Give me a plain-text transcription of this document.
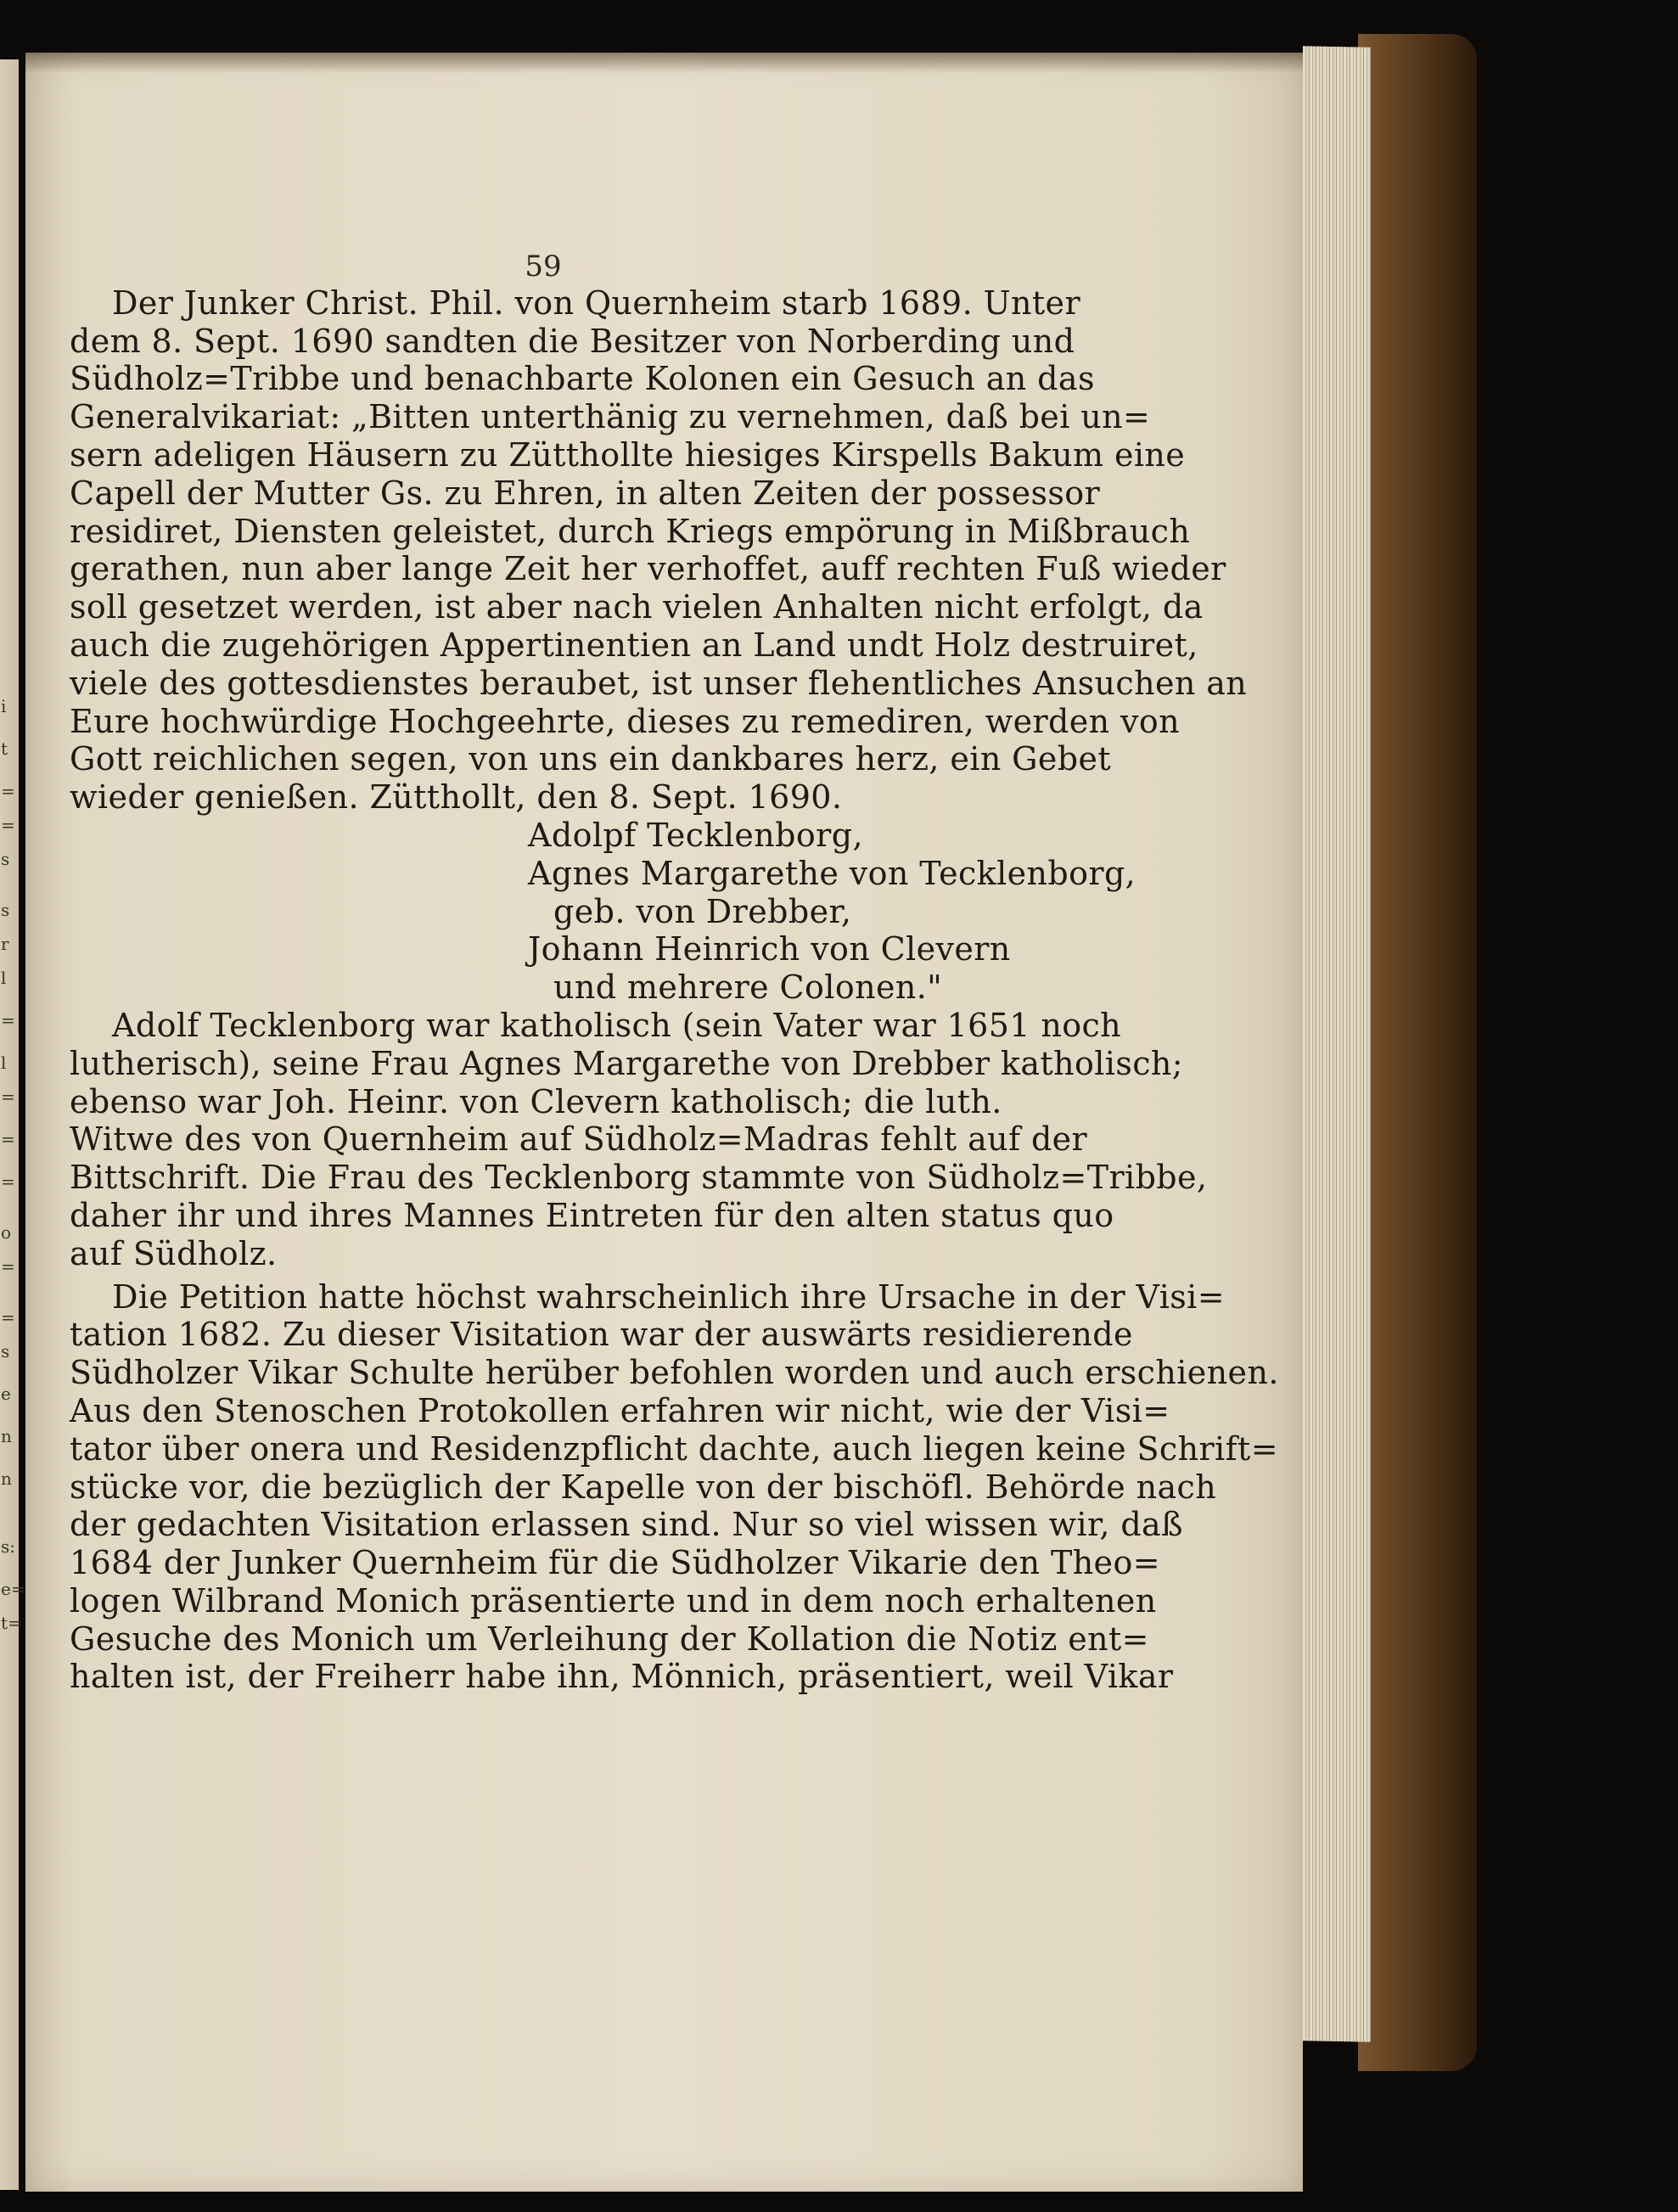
i
t
=
=
s
s
r
l
=
l
=
=
=
o
=
=
s
e
n
n
s:
e=
t=
59
Der Junker Christ. Phil. von Quernheim starb 1689. Unter
dem 8. Sept. 1690 sandten die Besitzer von Norberding und
Südholz=Tribbe und benachbarte Kolonen ein Gesuch an das
Generalvikariat: „Bitten unterthänig zu vernehmen, daß bei un=
sern adeligen Häusern zu Zütthollte hiesiges Kirspells Bakum eine
Capell der Mutter Gs. zu Ehren, in alten Zeiten der possessor
residiret, Diensten geleistet, durch Kriegs empörung in Mißbrauch
gerathen, nun aber lange Zeit her verhoffet, auff rechten Fuß wieder
soll gesetzet werden, ist aber nach vielen Anhalten nicht erfolgt, da
auch die zugehörigen Appertinentien an Land undt Holz destruiret,
viele des gottesdienstes beraubet, ist unser flehentliches Ansuchen an
Eure hochwürdige Hochgeehrte, dieses zu remediren, werden von
Gott reichlichen segen, von uns ein dankbares herz, ein Gebet
wieder genießen. Zütthollt, den 8. Sept. 1690.
Adolpf Tecklenborg,
Agnes Margarethe von Tecklenborg,
geb. von Drebber,
Johann Heinrich von Clevern
und mehrere Colonen."
Adolf Tecklenborg war katholisch (sein Vater war 1651 noch
lutherisch), seine Frau Agnes Margarethe von Drebber katholisch;
ebenso war Joh. Heinr. von Clevern katholisch; die luth.
Witwe des von Quernheim auf Südholz=Madras fehlt auf der
Bittschrift. Die Frau des Tecklenborg stammte von Südholz=Tribbe,
daher ihr und ihres Mannes Eintreten für den alten status quo
auf Südholz.
Die Petition hatte höchst wahrscheinlich ihre Ursache in der Visi=
tation 1682. Zu dieser Visitation war der auswärts residierende
Südholzer Vikar Schulte herüber befohlen worden und auch erschienen.
Aus den Stenoschen Protokollen erfahren wir nicht, wie der Visi=
tator über onera und Residenzpflicht dachte, auch liegen keine Schrift=
stücke vor, die bezüglich der Kapelle von der bischöfl. Behörde nach
der gedachten Visitation erlassen sind. Nur so viel wissen wir, daß
1684 der Junker Quernheim für die Südholzer Vikarie den Theo=
logen Wilbrand Monich präsentierte und in dem noch erhaltenen
Gesuche des Monich um Verleihung der Kollation die Notiz ent=
halten ist, der Freiherr habe ihn, Mönnich, präsentiert, weil Vikar
